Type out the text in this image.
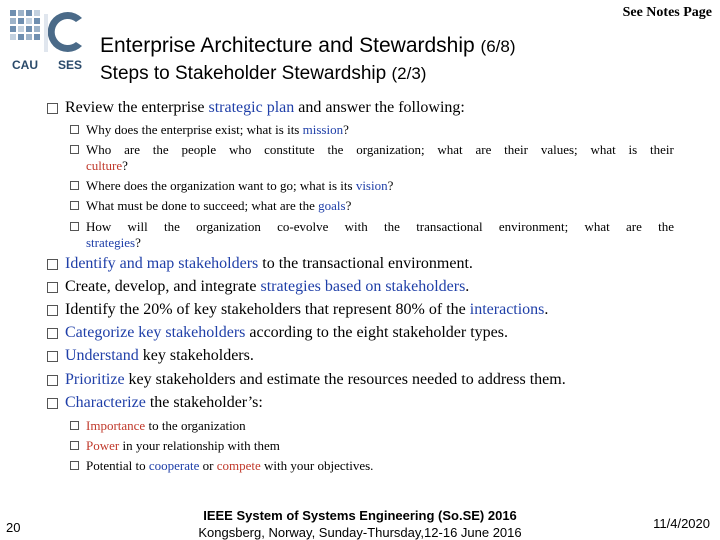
See Notes Page
CAU SES
Enterprise Architecture and Stewardship (6/8)
Steps to Stakeholder Stewardship (2/3)
Review the enterprise strategic plan and answer the following:
Why does the enterprise exist; what is its mission?
Who are the people who constitute the organization; what are their values; what is their
culture?
Where does the organization want to go; what is its vision?
What must be done to succeed; what are the goals?
How will the organization co-evolve with the transactional environment; what are the
strategies?
Identify and map stakeholders to the transactional environment.
Create, develop, and integrate strategies based on stakeholders.
Identify the 20% of key stakeholders that represent 80% of the interactions.
Categorize key stakeholders according to the eight stakeholder types.
Understand key stakeholders.
Prioritize key stakeholders and estimate the resources needed to address them.
Characterize the stakeholder’s:
Importance to the organization
Power in your relationship with them
Potential to cooperate or compete with your objectives.
20
IEEE System of Systems Engineering (So.SE) 2016
Kongsberg, Norway, Sunday-Thursday,12-16 June 2016
11/4/2020
